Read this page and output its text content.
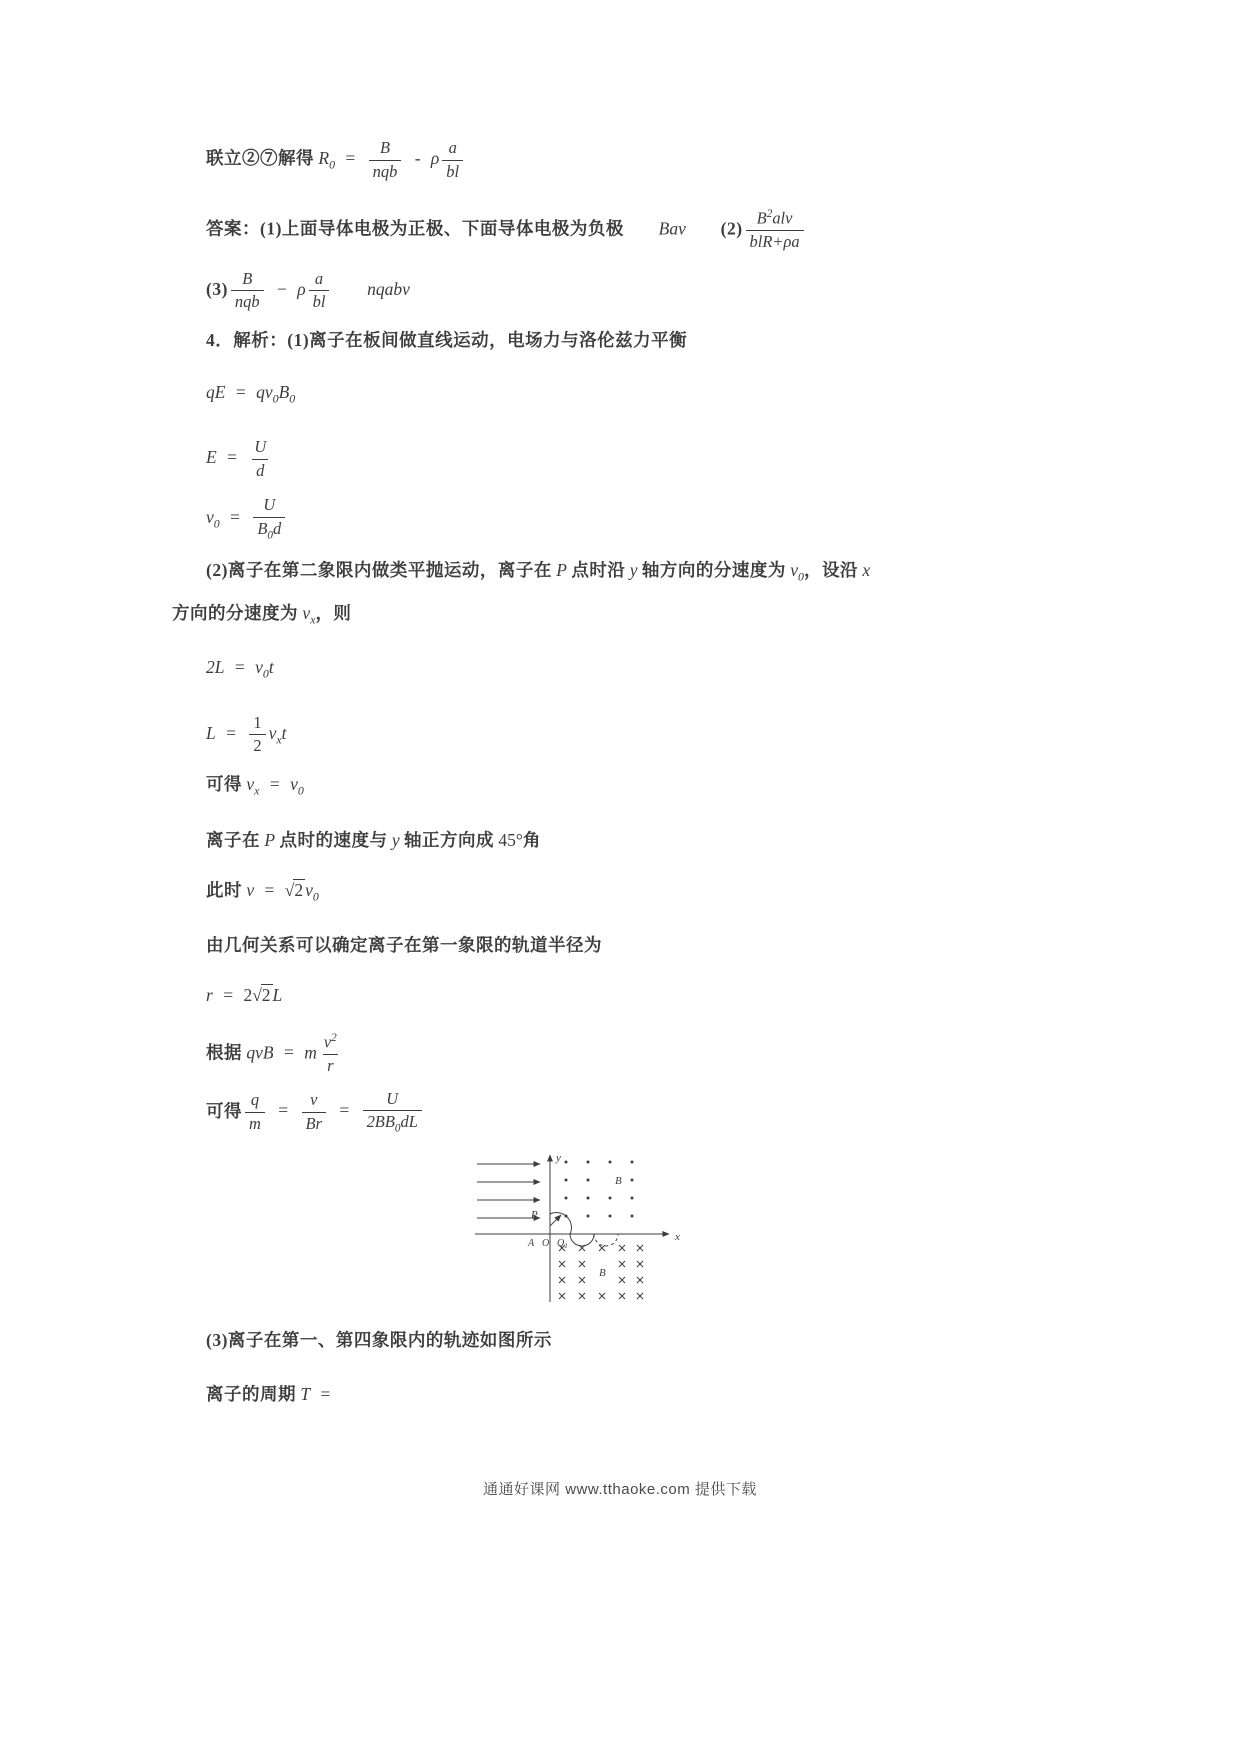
联立②⑦解得 $R_0 = \frac{B}{\text{nqb}} - \rho \frac{a}{bl}$
答案：(1)上面导体电极为正极、下面导体电极为负极 Bav $(2) \frac{B^2alv}{\text{blR+ρa}}$
$(3) \frac{B}{\text{nqb}} - \rho \frac{a}{bl}$ nqabv
4．解析：(1)离子在板间做直线运动，电场力与洛伦兹力平衡
qE = $qv_0B_0$
$E = \frac{U}{d}$
$v_0 = \frac{U}{B_0d}$
(2)离子在第二象限内做类平抛运动，离子在 P 点时沿 y 轴方向的分速度为 $v_0$，设沿 x
方向的分速度为 $v_x$，则
$2L = v_0t$
$L = \frac{1}{2} v_xt$
可得 $v_x = v_0$
离子在 P 点时的速度与 y 轴正方向成 45°角
此时 v = √2 $v_0$
由几何关系可以确定离子在第一象限的轨道半径为
r = 2√2 L
根据 qvB = m $\frac{v^2}{r}$
可得 $\frac{q}{m} = \frac{v}{Br} = \frac{U}{2BB_0dL}$
y
x
B
B
P
A O $Q_1$
(3)离子在第一、第四象限内的轨迹如图所示
离子的周期 T =
通通好课网 www.tthaoke.com 提供下载
